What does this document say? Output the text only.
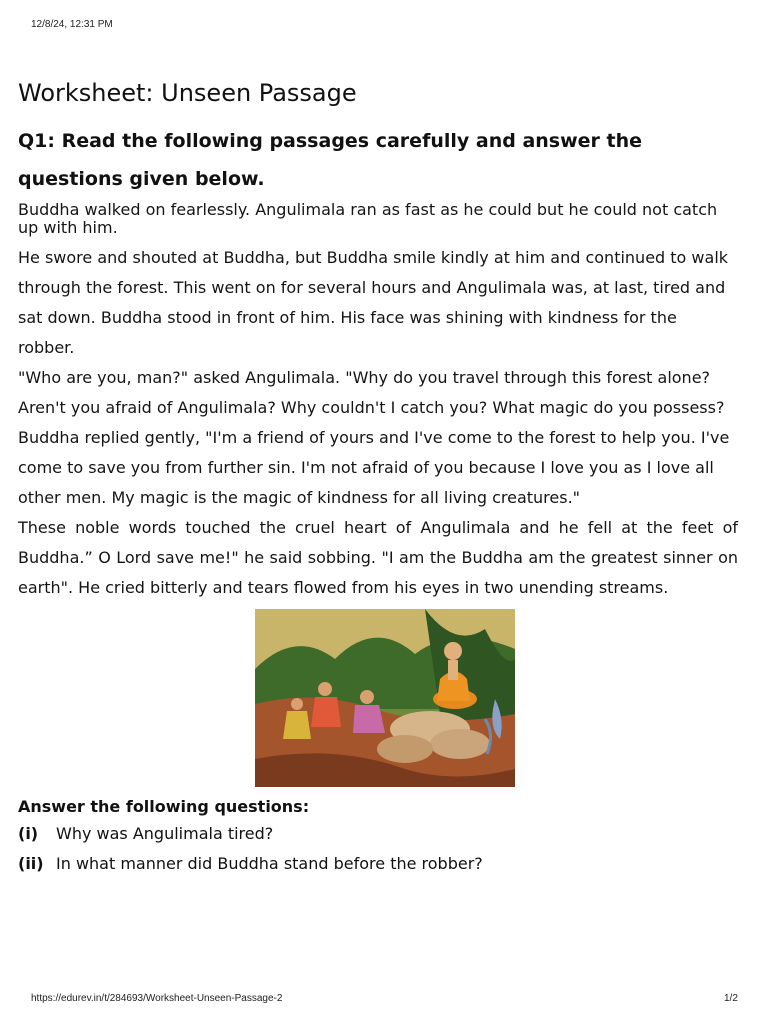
12/8/24, 12:31 PM
Worksheet: Unseen Passage
Q1: Read the following passages carefully and answer the questions given below.

Buddha walked on fearlessly. Angulimala ran as fast as he could but he could not catch up with him.

He swore and shouted at Buddha, but Buddha smile kindly at him and continued to walk through the forest. This went on for several hours and Angulimala was, at last, tired and sat down. Buddha stood in front of him. His face was shining with kindness for the robber.

"Who are you, man?" asked Angulimala. "Why do you travel through this forest alone? Aren't you afraid of Angulimala? Why couldn't I catch you? What magic do you possess?

Buddha replied gently, "I'm a friend of yours and I've come to the forest to help you. I've come to save you from further sin. I'm not afraid of you because I love you as I love all other men. My magic is the magic of kindness for all living creatures."

These noble words touched the cruel heart of Angulimala and he fell at the feet of Buddha.” O Lord save me!" he said sobbing. "I am the Buddha am the greatest sinner on earth". He cried bitterly and tears flowed from his eyes in two unending streams.

Answer the following questions:
(i)	Why was Angulimala tired?
(ii) In what manner did Buddha stand before the robber?
https://edurev.in/t/284693/Worksheet-Unseen-Passage-2	1/2
